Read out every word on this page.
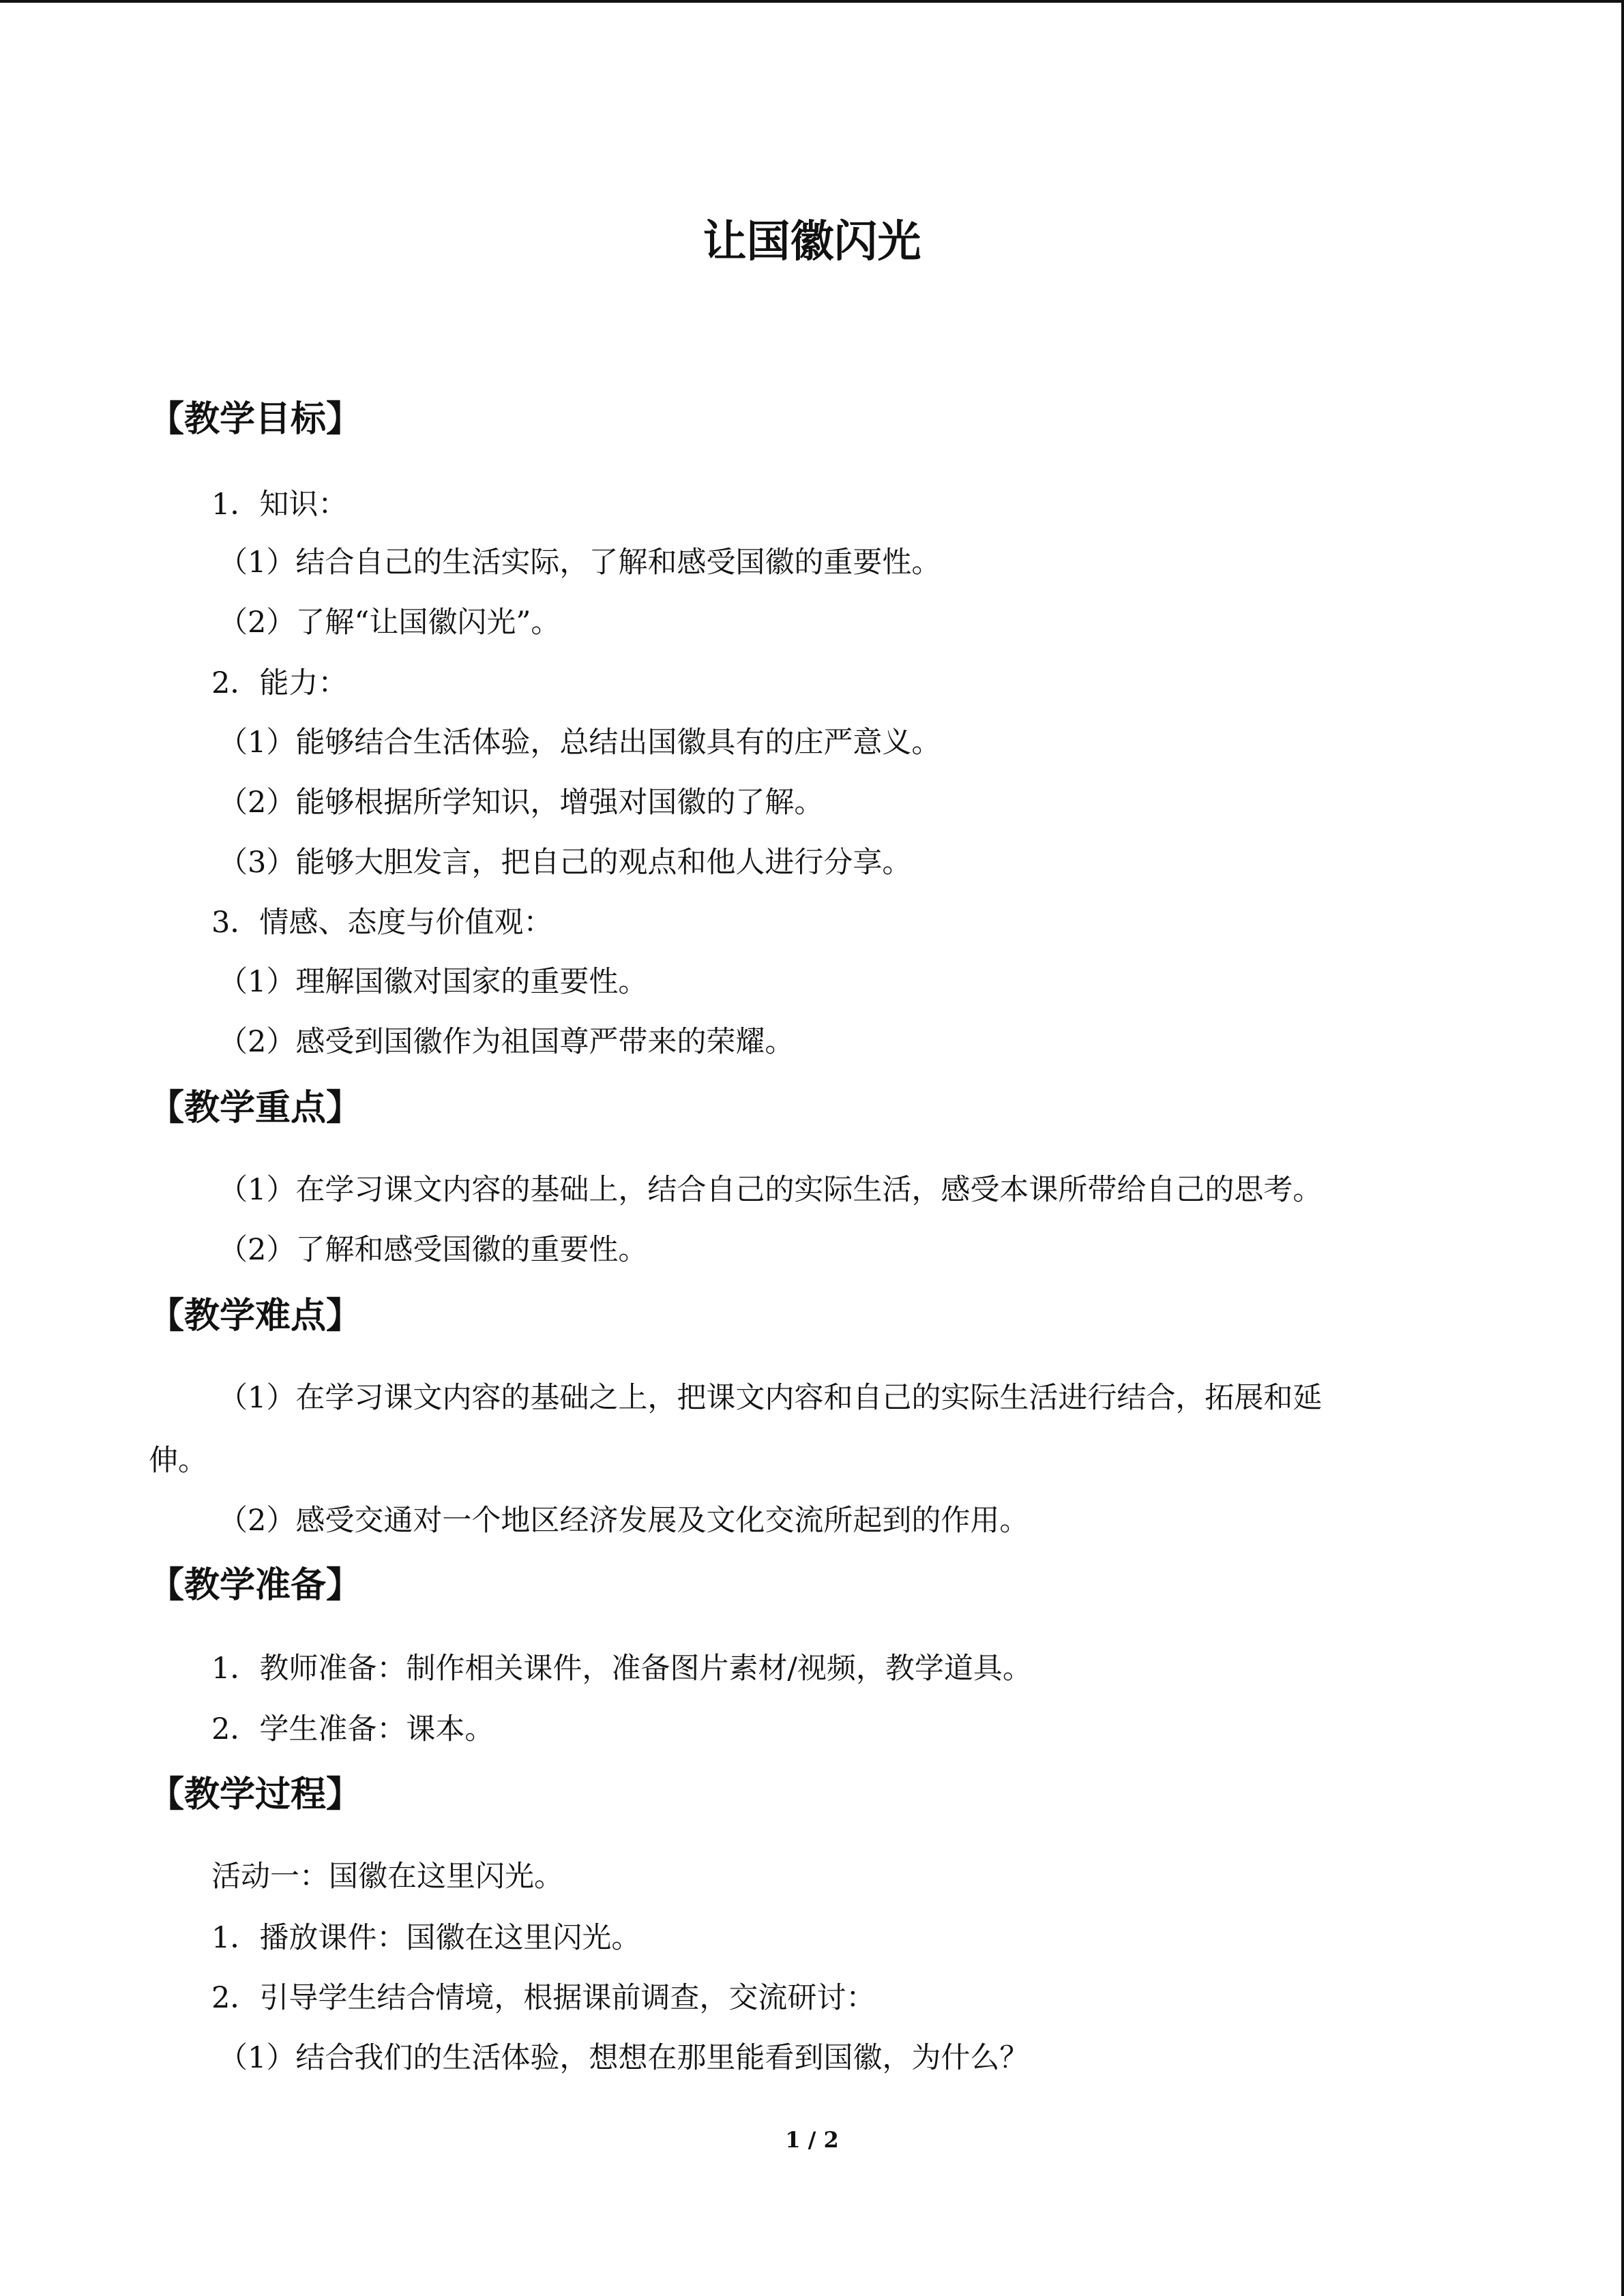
让国徽闪光
【教学目标】
1．知识：
（1）结合自己的生活实际，了解和感受国徽的重要性。
（2）了解“让国徽闪光”。
2．能力：
（1）能够结合生活体验，总结出国徽具有的庄严意义。
（2）能够根据所学知识，增强对国徽的了解。
（3）能够大胆发言，把自己的观点和他人进行分享。
3．情感、态度与价值观：
（1）理解国徽对国家的重要性。
（2）感受到国徽作为祖国尊严带来的荣耀。
【教学重点】
（1）在学习课文内容的基础上，结合自己的实际生活，感受本课所带给自己的思考。
（2）了解和感受国徽的重要性。
【教学难点】
（1）在学习课文内容的基础之上，把课文内容和自己的实际生活进行结合，拓展和延
伸。
（2）感受交通对一个地区经济发展及文化交流所起到的作用。
【教学准备】
1．教师准备：制作相关课件，准备图片素材/视频，教学道具。
2．学生准备：课本。
【教学过程】
活动一：国徽在这里闪光。
1．播放课件：国徽在这里闪光。
2．引导学生结合情境，根据课前调查，交流研讨：
（1）结合我们的生活体验，想想在那里能看到国徽，为什么？
1 / 2
